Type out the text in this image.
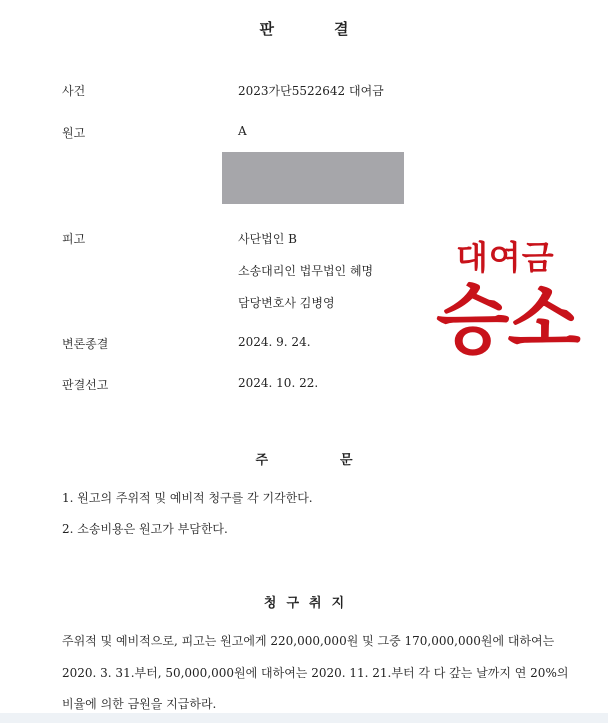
판	결
사건	2023가단5522642 대여금
원고	A
피고	사단법인 B
소송대리인 법무법인 혜명
담당변호사 김병영
변론종결	2024. 9. 24.
판결선고	2024. 10. 22.
주	문
1. 원고의 주위적 및 예비적 청구를 각 기각한다.
2. 소송비용은 원고가 부담한다.
청 구 취 지
주위적 및 예비적으로, 피고는 원고에게 220,000,000원 및 그중 170,000,000원에 대하여는
2020. 3. 31.부터, 50,000,000원에 대하여는 2020. 11. 21.부터 각 다 갚는 날까지 연 20%의
비율에 의한 금원을 지급하라.
대여금
승소
